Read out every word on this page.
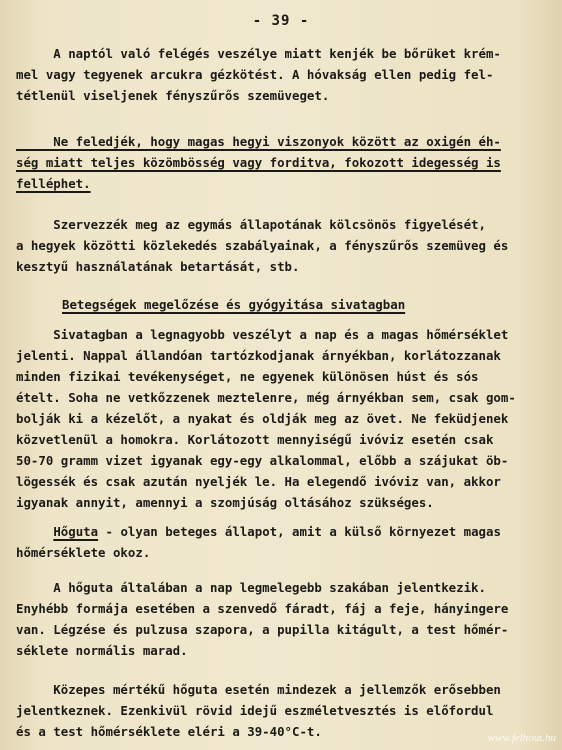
- 39 -
A naptól való felégés veszélye miatt kenjék be bőrüket krém-
mel vagy tegyenek arcukra gézkötést. A hóvakság ellen pedig fel-
tétlenül viseljenek fényszűrős szemüveget.
Ne feledjék, hogy magas hegyi viszonyok között az oxigén éh-
ség miatt teljes közömbösség vagy forditva, fokozott idegesség is
felléphet.
Szervezzék meg az egymás állapotának kölcsönös figyelését,
a hegyek közötti közlekedés szabályainak, a fényszűrős szemüveg és
kesztyű használatának betartását, stb.
Betegségek megelőzése és gyógyitása sivatagban
Sivatagban a legnagyobb veszélyt a nap és a magas hőmérséklet
jelenti. Nappal állandóan tartózkodjanak árnyékban, korlátozzanak
minden fizikai tevékenységet, ne egyenek különösen húst és sós
ételt. Soha ne vetkőzzenek meztelenre, még árnyékban sem, csak gom-
bolják ki a kézelőt, a nyakat és oldják meg az övet. Ne feküdjenek
közvetlenül a homokra. Korlátozott mennyiségű ivóviz esetén csak
50-70 gramm vizet igyanak egy-egy alkalommal, előbb a szájukat öb-
lögessék és csak azután nyeljék le. Ha elegendő ivóviz van, akkor
igyanak annyit, amennyi a szomjúság oltásához szükséges.
Hőguta - olyan beteges állapot, amit a külső környezet magas
hőmérséklete okoz.
A hőguta általában a nap legmelegebb szakában jelentkezik.
Enyhébb formája esetében a szenvedő fáradt, fáj a feje, hányingere
van. Légzése és pulzusa szapora, a pupilla kitágult, a test hőmér-
séklete normális marad.
Közepes mértékű hőguta esetén mindezek a jellemzők erősebben
jelentkeznek. Ezenkivül rövid idejű eszméletvesztés is előfordul
és a test hőmérséklete eléri a 39-40°C-t.	www.felhout.hu
